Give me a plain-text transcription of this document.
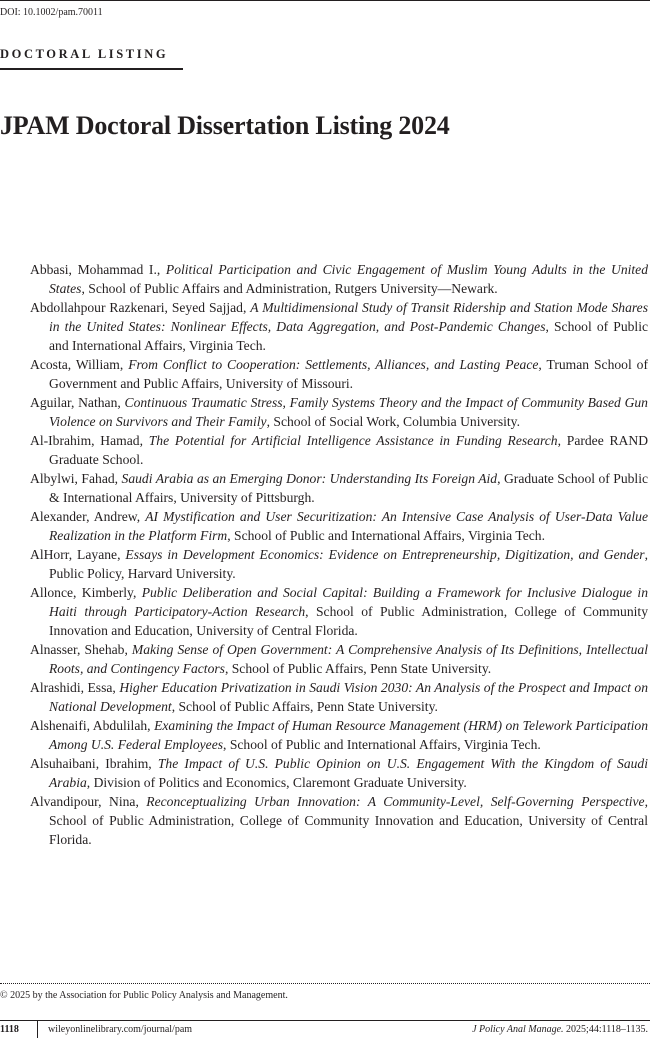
DOI: 10.1002/pam.70011
DOCTORAL LISTING
JPAM Doctoral Dissertation Listing 2024
Abbasi, Mohammad I., Political Participation and Civic Engagement of Muslim Young Adults in the United States, School of Public Affairs and Administration, Rutgers University—Newark.
Abdollahpour Razkenari, Seyed Sajjad, A Multidimensional Study of Transit Ridership and Station Mode Shares in the United States: Nonlinear Effects, Data Aggregation, and Post-Pandemic Changes, School of Public and International Affairs, Virginia Tech.
Acosta, William, From Conflict to Cooperation: Settlements, Alliances, and Lasting Peace, Truman School of Government and Public Affairs, University of Missouri.
Aguilar, Nathan, Continuous Traumatic Stress, Family Systems Theory and the Impact of Community Based Gun Violence on Survivors and Their Family, School of Social Work, Columbia University.
Al-Ibrahim, Hamad, The Potential for Artificial Intelligence Assistance in Funding Research, Pardee RAND Graduate School.
Albylwi, Fahad, Saudi Arabia as an Emerging Donor: Understanding Its Foreign Aid, Graduate School of Public & International Affairs, University of Pittsburgh.
Alexander, Andrew, AI Mystification and User Securitization: An Intensive Case Analysis of User-Data Value Realization in the Platform Firm, School of Public and International Affairs, Virginia Tech.
AlHorr, Layane, Essays in Development Economics: Evidence on Entrepreneurship, Digitization, and Gender, Public Policy, Harvard University.
Allonce, Kimberly, Public Deliberation and Social Capital: Building a Framework for Inclusive Dialogue in Haiti through Participatory-Action Research, School of Public Administration, College of Community Innovation and Education, University of Central Florida.
Alnasser, Shehab, Making Sense of Open Government: A Comprehensive Analysis of Its Definitions, Intellectual Roots, and Contingency Factors, School of Public Affairs, Penn State University.
Alrashidi, Essa, Higher Education Privatization in Saudi Vision 2030: An Analysis of the Prospect and Impact on National Development, School of Public Affairs, Penn State University.
Alshenaifi, Abdulilah, Examining the Impact of Human Resource Management (HRM) on Telework Participation Among U.S. Federal Employees, School of Public and International Affairs, Virginia Tech.
Alsuhaibani, Ibrahim, The Impact of U.S. Public Opinion on U.S. Engagement With the Kingdom of Saudi Arabia, Division of Politics and Economics, Claremont Graduate University.
Alvandipour, Nina, Reconceptualizing Urban Innovation: A Community-Level, Self-Governing Perspective, School of Public Administration, College of Community Innovation and Education, University of Central Florida.
© 2025 by the Association for Public Policy Analysis and Management.
1118	wileyonlinelibrary.com/journal/pam	J Policy Anal Manage. 2025;44:1118–1135.
